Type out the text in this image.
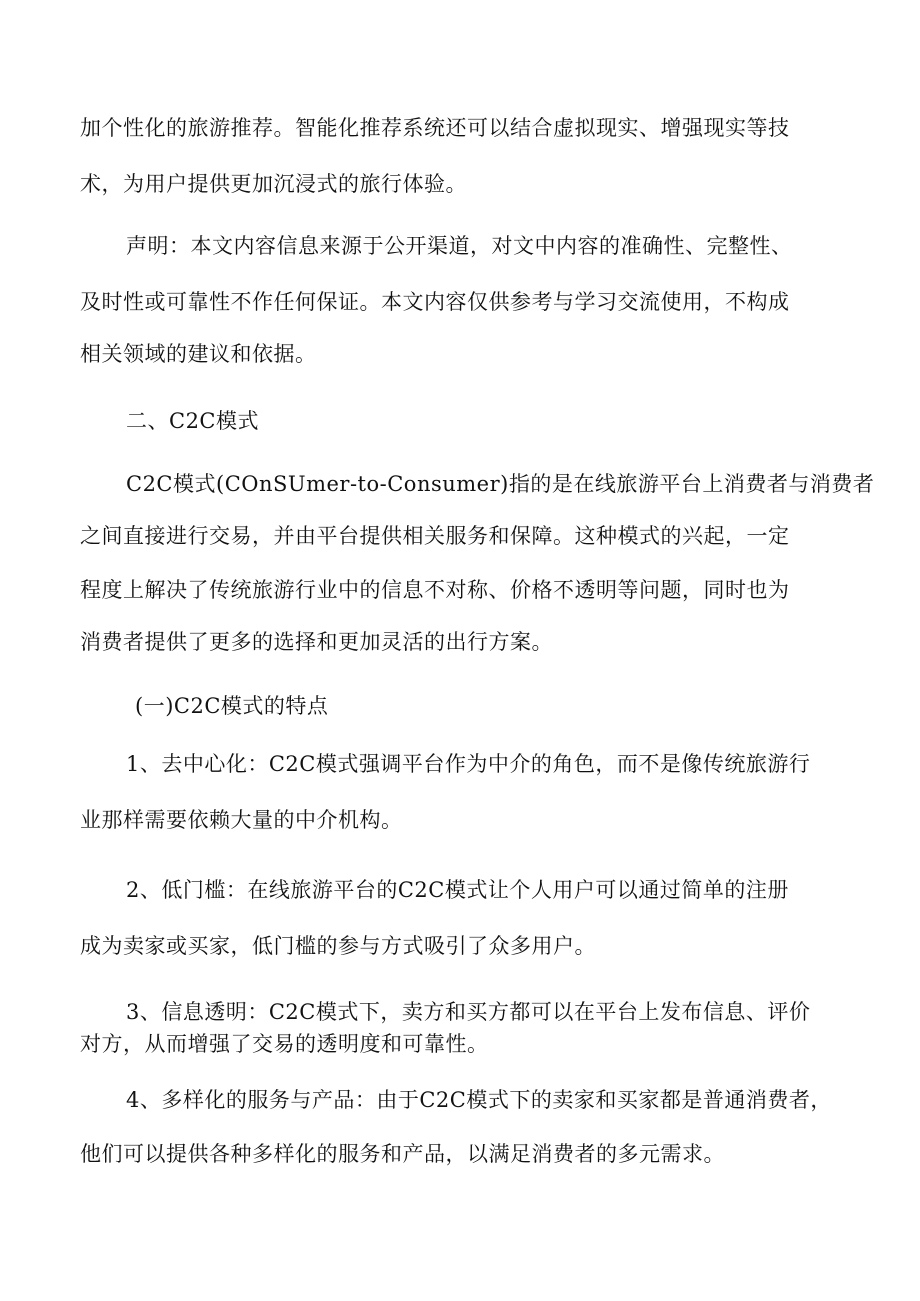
加个性化的旅游推荐。智能化推荐系统还可以结合虚拟现实、增强现实等技
术，为用户提供更加沉浸式的旅行体验。
声明：本文内容信息来源于公开渠道，对文中内容的准确性、完整性、
及时性或可靠性不作任何保证。本文内容仅供参考与学习交流使用，不构成
相关领域的建议和依据。
二、C2C模式
C2C模式(COnSUmer-to-Consumer)指的是在线旅游平台上消费者与消费者
之间直接进行交易，并由平台提供相关服务和保障。这种模式的兴起，一定
程度上解决了传统旅游行业中的信息不对称、价格不透明等问题，同时也为
消费者提供了更多的选择和更加灵活的出行方案。
(一)C2C模式的特点
1、去中心化：C2C模式强调平台作为中介的角色，而不是像传统旅游行
业那样需要依赖大量的中介机构。
2、低门槛：在线旅游平台的C2C模式让个人用户可以通过简单的注册
成为卖家或买家，低门槛的参与方式吸引了众多用户。
3、信息透明：C2C模式下，卖方和买方都可以在平台上发布信息、评价
对方，从而增强了交易的透明度和可靠性。
4、多样化的服务与产品：由于C2C模式下的卖家和买家都是普通消费者，
他们可以提供各种多样化的服务和产品，以满足消费者的多元需求。
